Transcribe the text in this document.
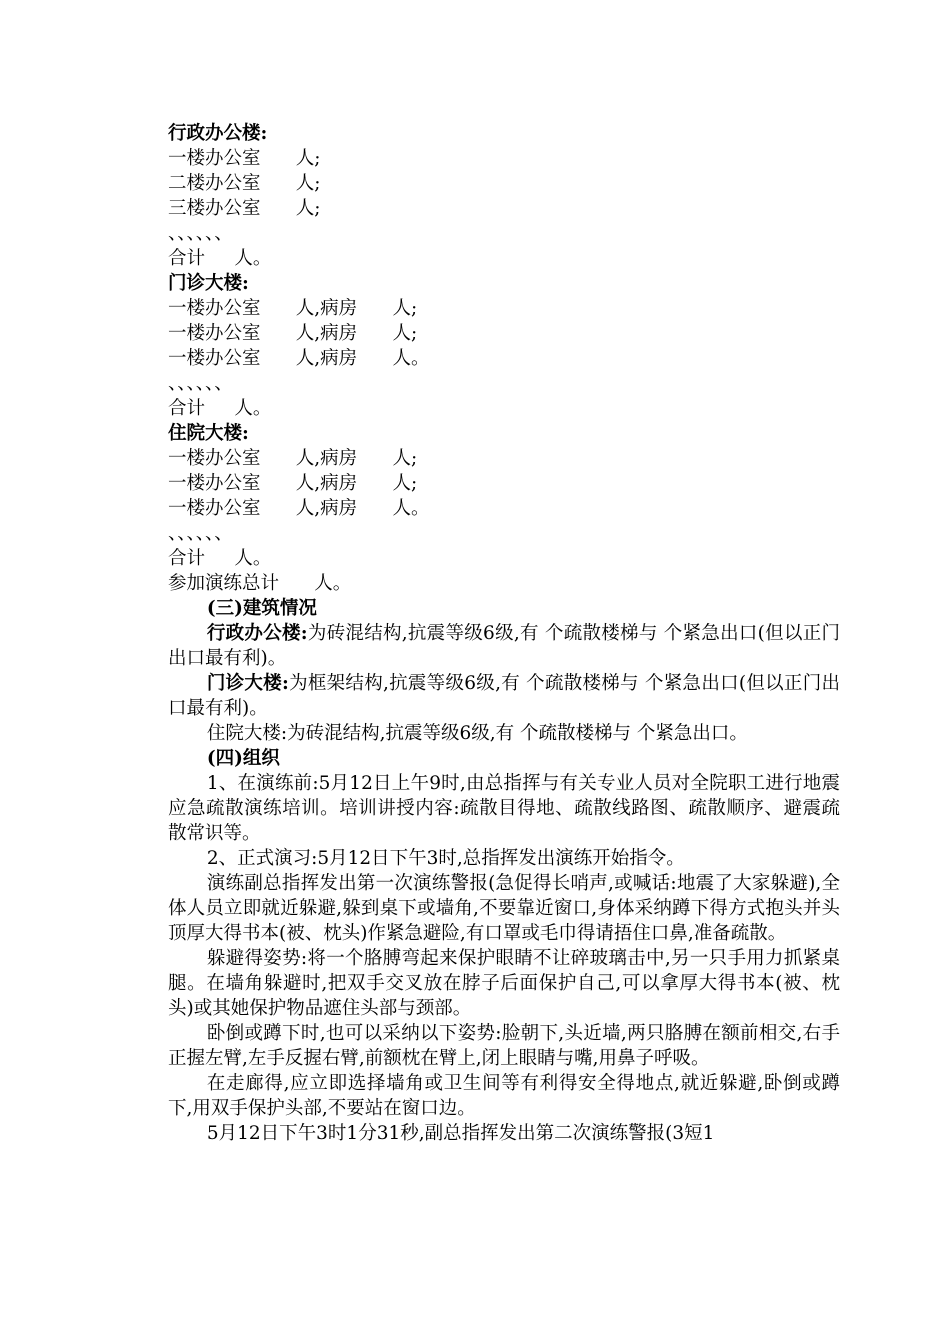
行政办公楼:
一楼办公室      人;
二楼办公室      人;
三楼办公室      人;
、、、、、、
合计     人。
门诊大楼:
一楼办公室      人,病房      人;
一楼办公室      人,病房      人;
一楼办公室      人,病房      人。
、、、、、、
合计     人。
住院大楼:
一楼办公室      人,病房      人;
一楼办公室      人,病房      人;
一楼办公室      人,病房      人。
、、、、、、
合计     人。
参加演练总计      人。
(三)建筑情况
行政办公楼:为砖混结构,抗震等级6级,有 个疏散楼梯与 个紧急出口(但以正门出口最有利)。
门诊大楼:为框架结构,抗震等级6级,有 个疏散楼梯与 个紧急出口(但以正门出口最有利)。
住院大楼:为砖混结构,抗震等级6级,有 个疏散楼梯与 个紧急出口。
(四)组织
1、在演练前:5月12日上午9时,由总指挥与有关专业人员对全院职工进行地震应急疏散演练培训。培训讲授内容:疏散目得地、疏散线路图、疏散顺序、避震疏散常识等。
2、正式演习:5月12日下午3时,总指挥发出演练开始指令。
演练副总指挥发出第一次演练警报(急促得长哨声,或喊话:地震了大家躲避),全体人员立即就近躲避,躲到桌下或墙角,不要靠近窗口,身体采纳蹲下得方式抱头并头顶厚大得书本(被、枕头)作紧急避险,有口罩或毛巾得请捂住口鼻,准备疏散。
躲避得姿势:将一个胳膊弯起来保护眼睛不让碎玻璃击中,另一只手用力抓紧桌腿。在墙角躲避时,把双手交叉放在脖子后面保护自己,可以拿厚大得书本(被、枕头)或其她保护物品遮住头部与颈部。
卧倒或蹲下时,也可以采纳以下姿势:脸朝下,头近墙,两只胳膊在额前相交,右手正握左臂,左手反握右臂,前额枕在臂上,闭上眼睛与嘴,用鼻子呼吸。
在走廊得,应立即选择墙角或卫生间等有利得安全得地点,就近躲避,卧倒或蹲下,用双手保护头部,不要站在窗口边。
5月12日下午3时1分31秒,副总指挥发出第二次演练警报(3短1
